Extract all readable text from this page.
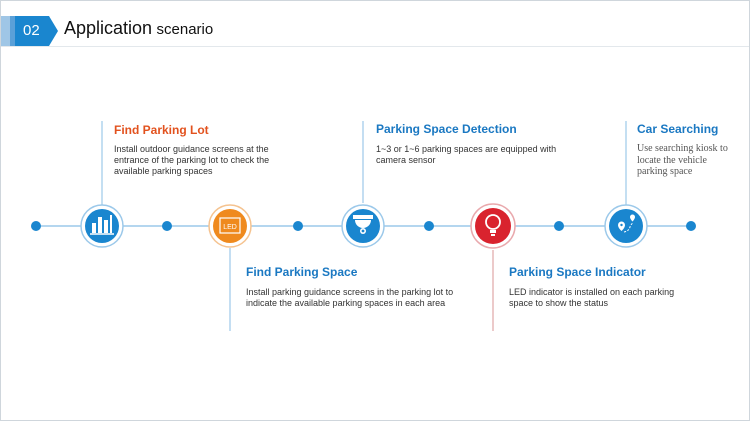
02	Application scenario
LED
Find Parking Lot
Install outdoor guidance screens at the entrance of the parking lot to check the available parking spaces
Find Parking Space
Install parking guidance screens in the parking lot to indicate the available parking spaces in each area
Parking Space Detection
1~3 or 1~6 parking spaces are equipped with camera sensor
Parking Space Indicator
LED indicator is installed on each parking space to show the status
Car Searching
Use searching kiosk to locate the vehicle parking space
